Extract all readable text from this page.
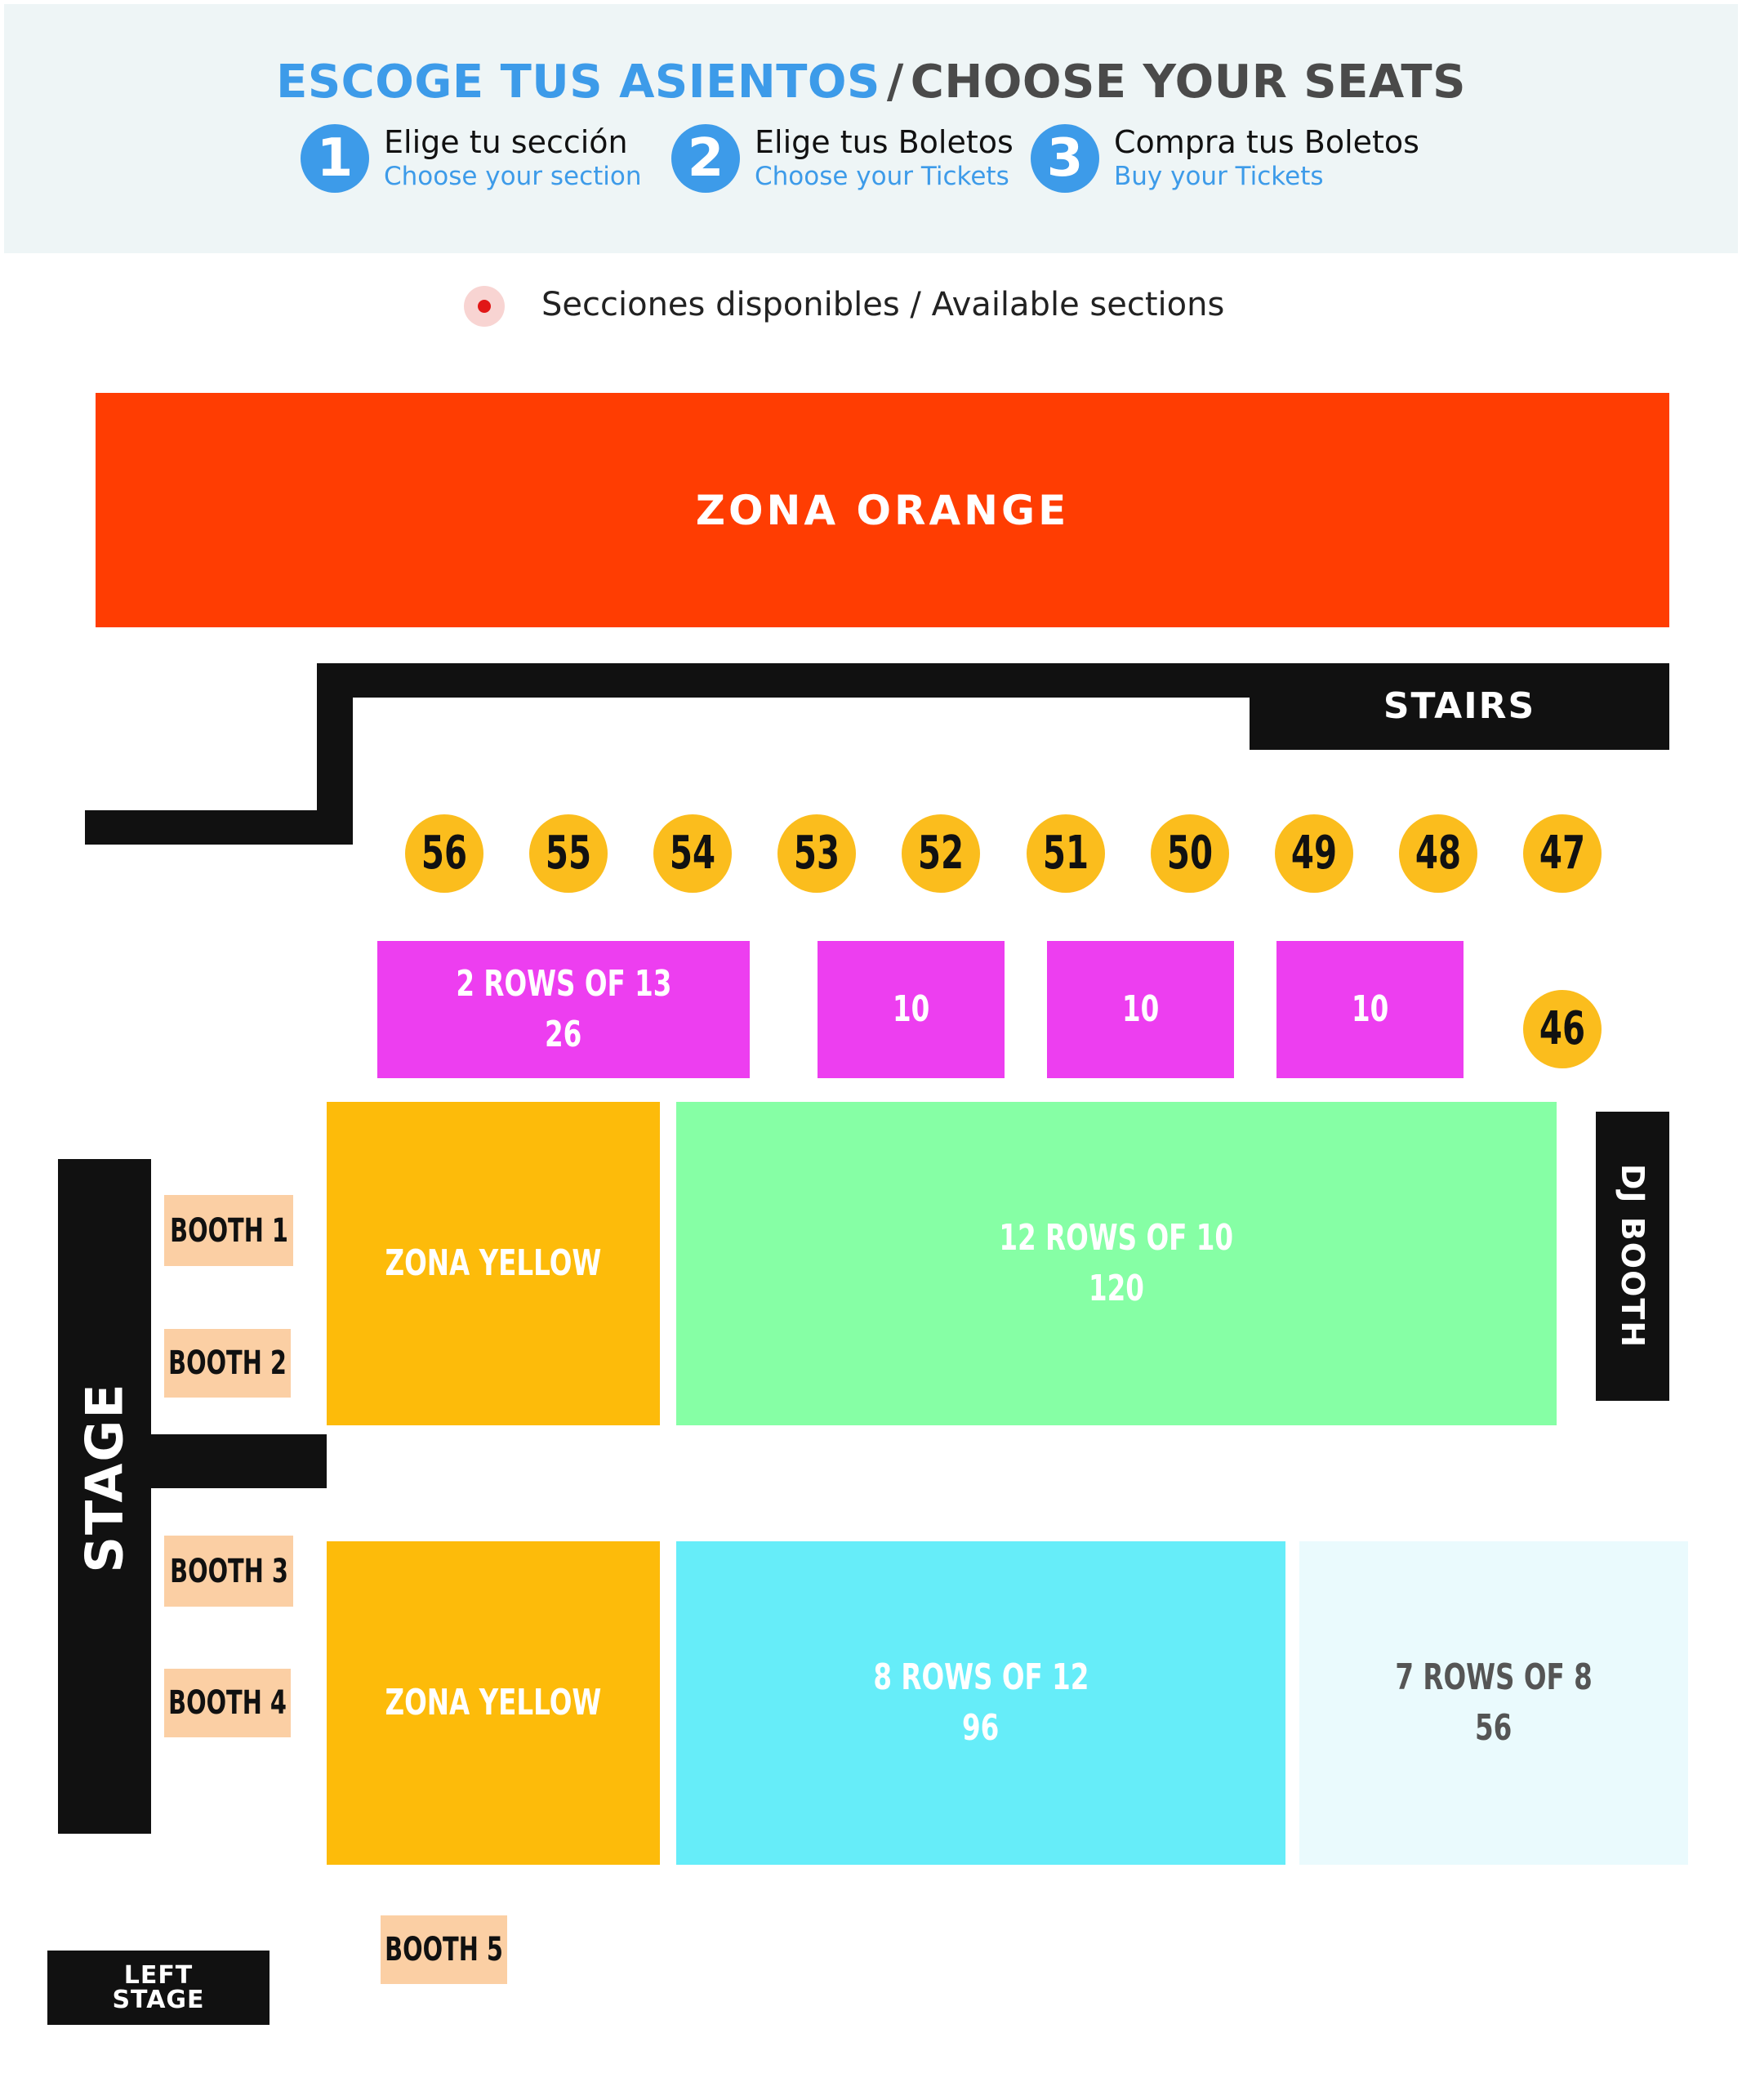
ESCOGE TUS ASIENTOS / CHOOSE YOUR SEATS
1 Elige tu sección
Choose your section 2 Elige tus Boletos
Choose your Tickets 3 Compra tus Boletos
Buy your Tickets
Secciones disponibles / Available sections
ZONA ORANGE
STAIRS
56	55	54	53	52	51	50	49	48	47
46
2 ROWS OF 13
26
10	10	10
STAGE
BOOTH 1
BOOTH 2
BOOTH 3
BOOTH 4
BOOTH 5
ZONA YELLOW
ZONA YELLOW
12 ROWS OF 10
120	DJ BOOTH
8 ROWS OF 12
96
7 ROWS OF 8
56
LEFT
STAGE
